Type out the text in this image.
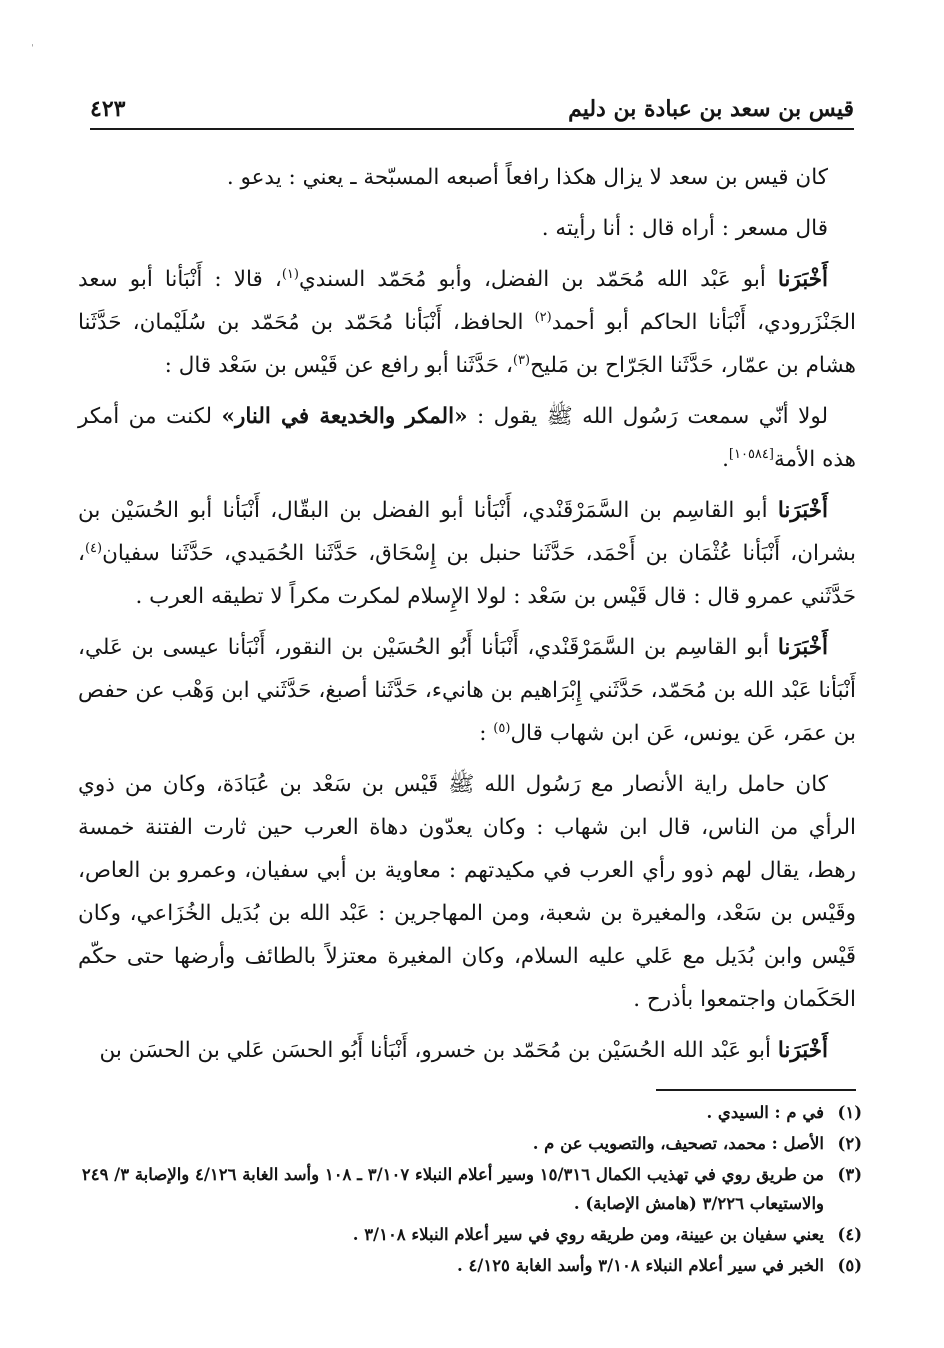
ˈ
قيس بن سعد بن عبادة بن دليم
٤٢٣

كان قيس بن سعد لا يزال هكذا رافعاً أصبعه المسبّحة ـ يعني : يدعو .

قال مسعر : أراه قال : أنا رأيته .

أَخْبَرَنا أبو عَبْد الله مُحَمّد بن الفضل، وأبو مُحَمّد السندي$^{(١)}$، قالا : أَنْبَأنا أبو سعد الجَنْزَرودي، أَنْبَأنا الحاكم أبو أحمد$^{(٢)}$ الحافظ، أَنْبَأنا مُحَمّد بن مُحَمّد بن سُلَيْمان، حَدَّثَنا هشام بن عمّار، حَدَّثَنا الجَرّاح بن مَليح$^{(٣)}$، حَدَّثَنا أبو رافع عن قَيْس بن سَعْد قال :

لولا أنّي سمعت رَسُول الله ﷺ يقول : «المكر والخديعة في النار» لكنت من أمكر هذه الأمة[١٠٥٨٤].

أَخْبَرَنا أبو القاسِم بن السَّمَرْقَنْدي، أَنْبَأنا أبو الفضل بن البقّال، أَنْبَأنا أبو الحُسَيْن بن بشران، أَنْبَأنا عُثْمَان بن أَحْمَد، حَدَّثَنا حنبل بن إِسْحَاق، حَدَّثَنا الحُمَيدي، حَدَّثَنا سفيان$^{(٤)}$، حَدَّثَني عمرو قال : قال قَيْس بن سَعْد : لولا الإِسلام لمكرت مكراً لا تطيقه العرب .

أَخْبَرَنا أبو القاسِم بن السَّمَرْقَنْدي، أَنْبَأنا أَبُو الحُسَيْن بن النقور، أَنْبَأنا عيسى بن عَلي، أَنْبَأنا عَبْد الله بن مُحَمّد، حَدَّثَني إِبْرَاهيم بن هانيء، حَدَّثَنا أصبغ، حَدَّثَني ابن وَهْب عن حفص بن عمَر، عَن يونس، عَن ابن شهاب قال$^{(٥)}$ :

كان حامل راية الأنصار مع رَسُول الله ﷺ قَيْس بن سَعْد بن عُبَادَة، وكان من ذوي الرأي من الناس، قال ابن شهاب : وكان يعدّون دهاة العرب حين ثارت الفتنة خمسة رهط، يقال لهم ذوو رأي العرب في مكيدتهم : معاوية بن أبي سفيان، وعمرو بن العاص، وقَيْس بن سَعْد، والمغيرة بن شعبة، ومن المهاجرين : عَبْد الله بن بُدَيل الخُزَاعي، وكان قَيْس وابن بُدَيل مع عَلي عليه السلام، وكان المغيرة معتزلاً بالطائف وأرضها حتى حكّم الحَكَمان واجتمعوا بأذرح .

أَخْبَرَنا أبو عَبْد الله الحُسَيْن بن مُحَمّد بن خسرو، أَنْبَأنا أَبُو الحسَن عَلي بن الحسَن بن

(١)
في م : السيدي .
(٢)
الأصل : محمد، تصحيف، والتصويب عن م .
(٣)
من طريق روي في تهذيب الكمال ١٥/٣١٦ وسير أعلام النبلاء ٣/١٠٧ ـ ١٠٨ وأسد الغابة ٤/١٢٦ والإصابة ٣/ ٢٤٩ والاستيعاب ٣/٢٢٦ (هامش الإصابة) .
(٤)
يعني سفيان بن عيينة، ومن طريقه روي في سير أعلام النبلاء ٣/١٠٨ .
(٥)
الخبر في سير أعلام النبلاء ٣/١٠٨ وأسد الغابة ٤/١٢٥ .
